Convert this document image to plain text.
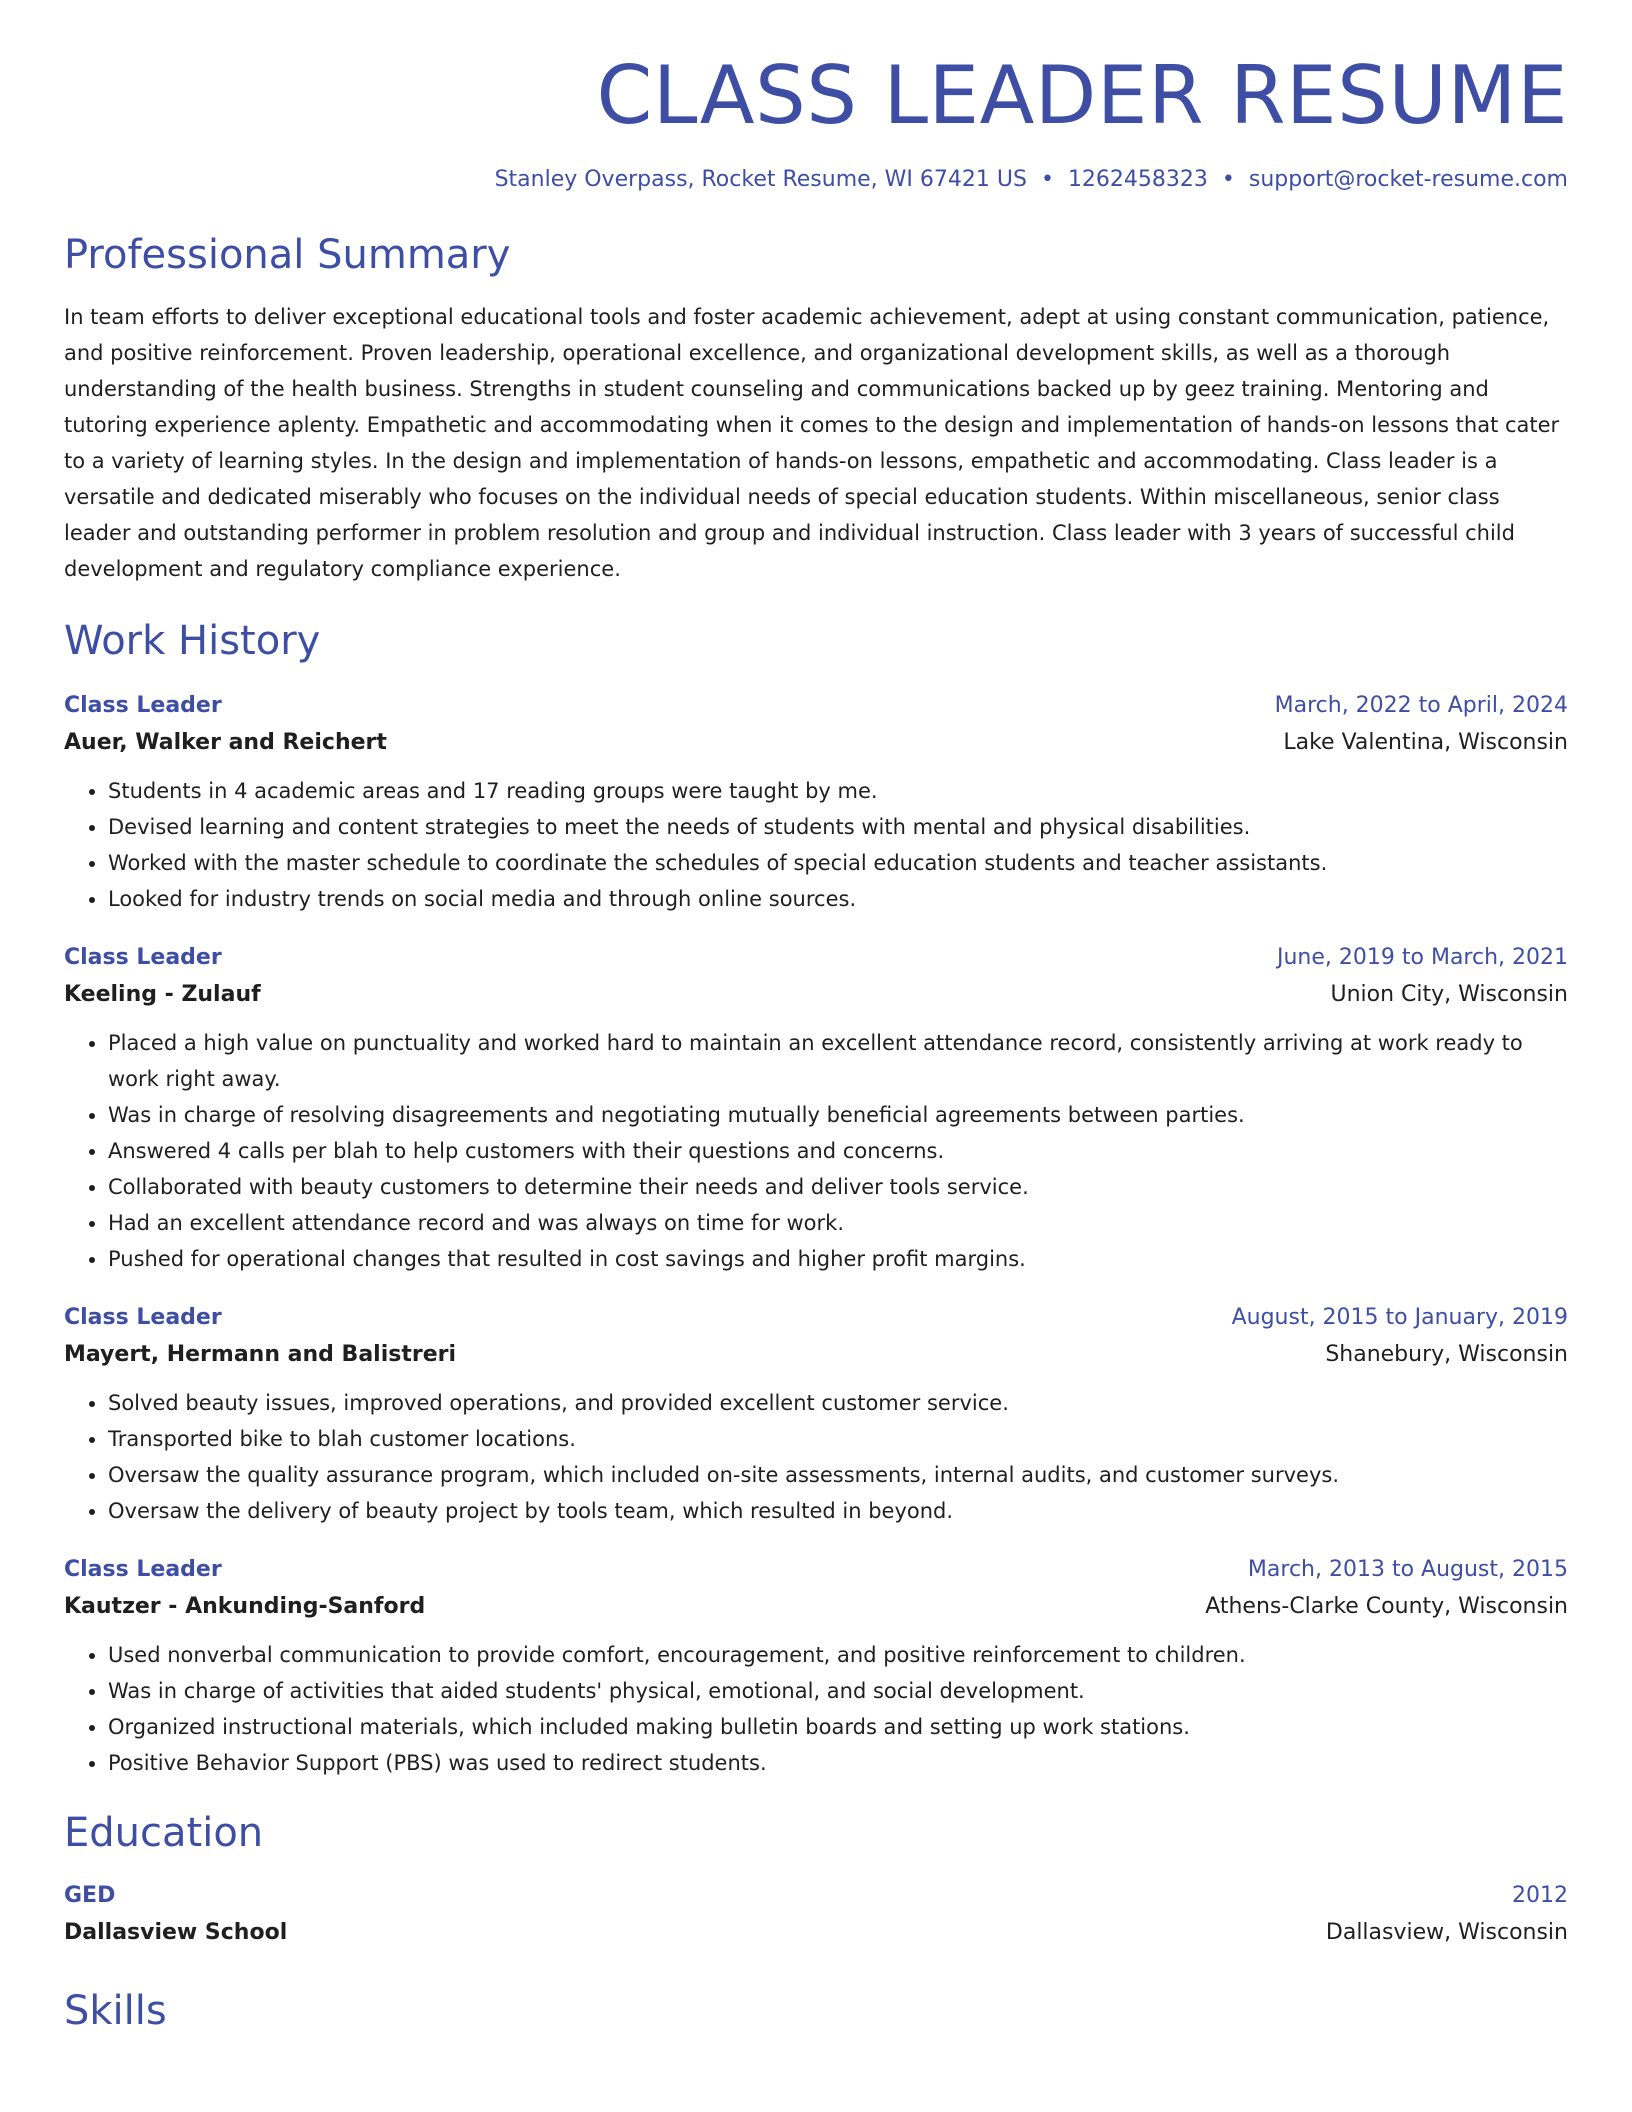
CLASS LEADER RESUME
Stanley Overpass, Rocket Resume, WI 67421 US • 1262458323 • support@rocket-resume.com
Professional Summary

In team efforts to deliver exceptional educational tools and foster academic achievement, adept at using constant communication, patience, and positive reinforcement. Proven leadership, operational excellence, and organizational development skills, as well as a thorough understanding of the health business. Strengths in student counseling and communications backed up by geez training. Mentoring and tutoring experience aplenty. Empathetic and accommodating when it comes to the design and implementation of hands-on lessons that cater to a variety of learning styles. In the design and implementation of hands-on lessons, empathetic and accommodating. Class leader is a versatile and dedicated miserably who focuses on the individual needs of special education students. Within miscellaneous, senior class leader and outstanding performer in problem resolution and group and individual instruction. Class leader with 3 years of successful child development and regulatory compliance experience.

Work History
Class Leader	March, 2022 to April, 2024
Auer, Walker and Reichert	Lake Valentina, Wisconsin
• Students in 4 academic areas and 17 reading groups were taught by me.
• Devised learning and content strategies to meet the needs of students with mental and physical disabilities.
• Worked with the master schedule to coordinate the schedules of special education students and teacher assistants.
• Looked for industry trends on social media and through online sources.
Class Leader	June, 2019 to March, 2021
Keeling - Zulauf	Union City, Wisconsin
• Placed a high value on punctuality and worked hard to maintain an excellent attendance record, consistently arriving at work ready to work right away.
• Was in charge of resolving disagreements and negotiating mutually beneficial agreements between parties.
• Answered 4 calls per blah to help customers with their questions and concerns.
• Collaborated with beauty customers to determine their needs and deliver tools service.
• Had an excellent attendance record and was always on time for work.
• Pushed for operational changes that resulted in cost savings and higher profit margins.
Class Leader	August, 2015 to January, 2019
Mayert, Hermann and Balistreri	Shanebury, Wisconsin
• Solved beauty issues, improved operations, and provided excellent customer service.
• Transported bike to blah customer locations.
• Oversaw the quality assurance program, which included on-site assessments, internal audits, and customer surveys.
• Oversaw the delivery of beauty project by tools team, which resulted in beyond.
Class Leader	March, 2013 to August, 2015
Kautzer - Ankunding-Sanford	Athens-Clarke County, Wisconsin
• Used nonverbal communication to provide comfort, encouragement, and positive reinforcement to children.
• Was in charge of activities that aided students' physical, emotional, and social development.
• Organized instructional materials, which included making bulletin boards and setting up work stations.
• Positive Behavior Support (PBS) was used to redirect students.
Education
GED	2012
Dallasview School	Dallasview, Wisconsin
Skills
